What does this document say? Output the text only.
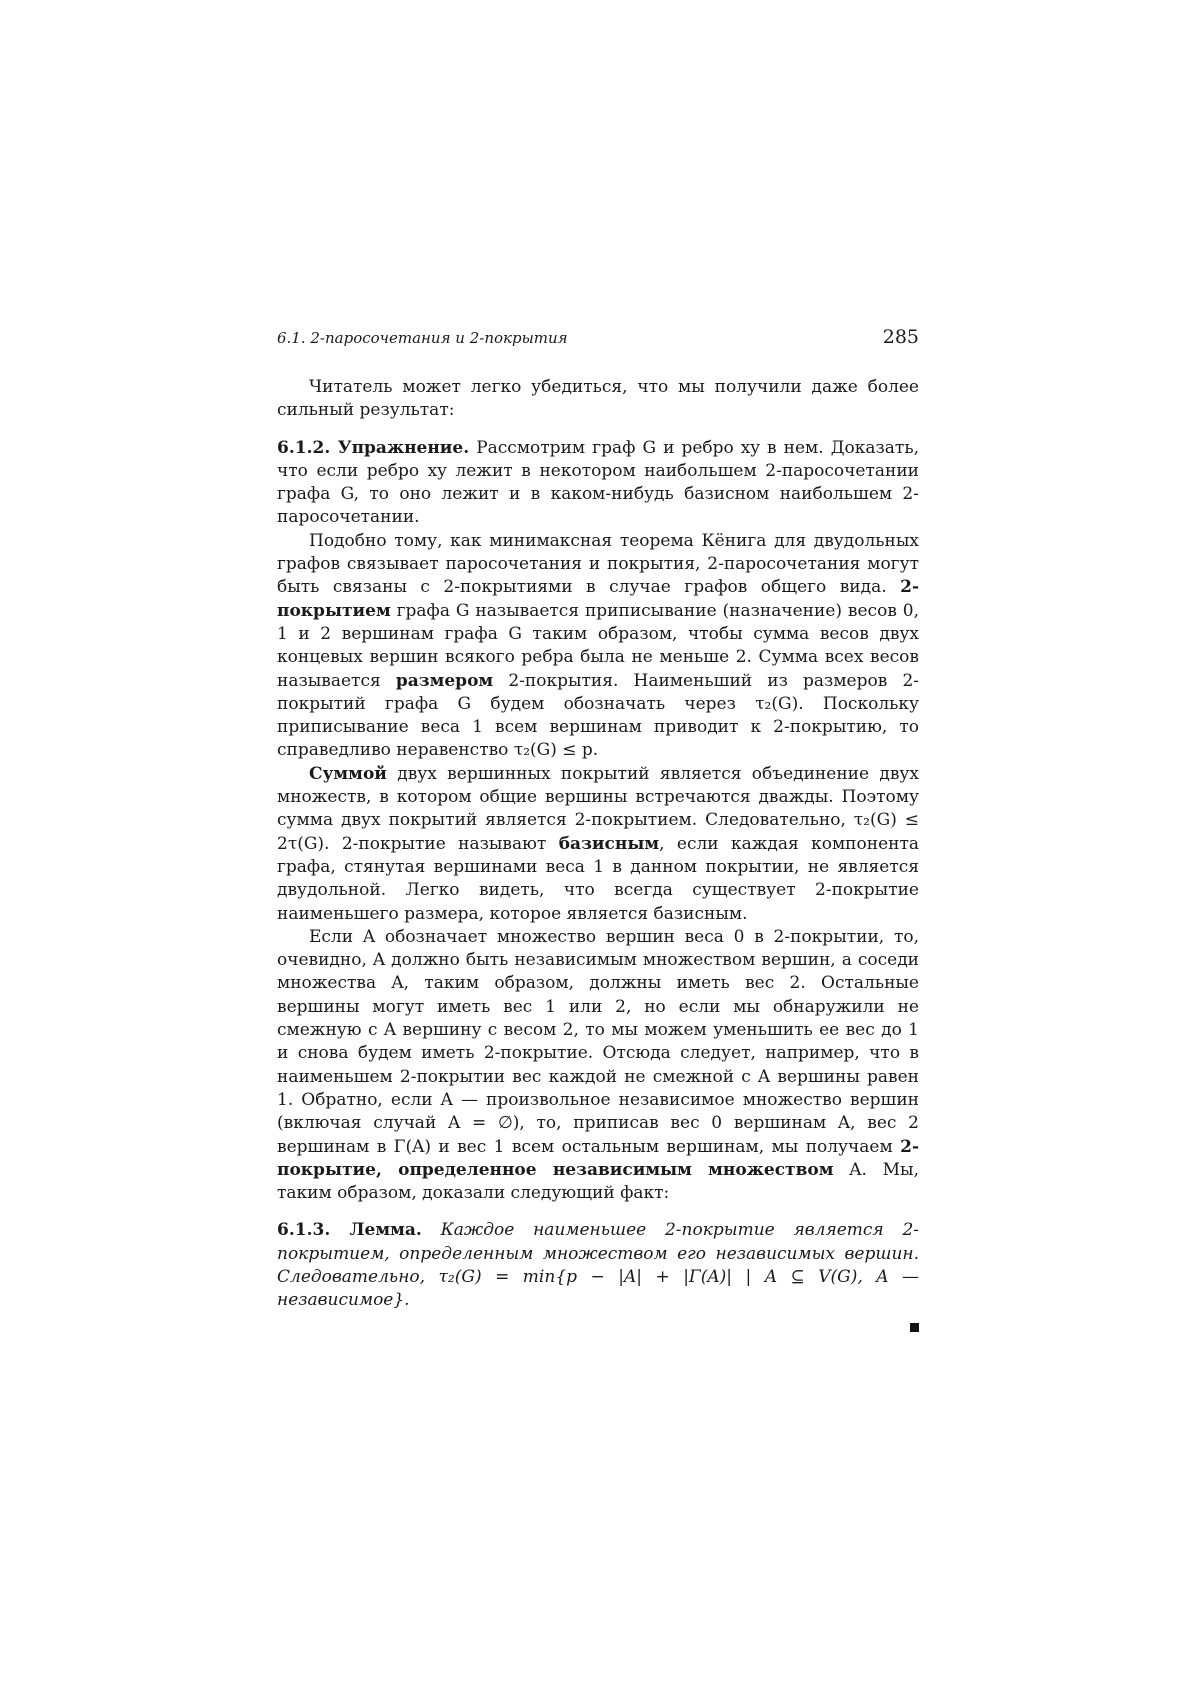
6.1. 2-паросочетания и 2-покрытия	285

Читатель может легко убедиться, что мы получили даже более сильный результат:

6.1.2. Упражнение. Рассмотрим граф G и ребро xy в нем. Доказать, что если ребро xy лежит в некотором наибольшем 2-паросочетании графа G, то оно лежит и в каком-нибудь базисном наибольшем 2-паросочетании.

Подобно тому, как минимаксная теорема Кёнига для двудольных графов связывает паросочетания и покрытия, 2-паросочетания могут быть связаны с 2-покрытиями в случае графов общего вида. 2-покрытием графа G называется приписывание (назначение) весов 0, 1 и 2 вершинам графа G таким образом, чтобы сумма весов двух концевых вершин всякого ребра была не меньше 2. Сумма всех весов называется размером 2-покрытия. Наименьший из размеров 2-покрытий графа G будем обозначать через τ₂(G). Поскольку приписывание веса 1 всем вершинам приводит к 2-покрытию, то справедливо неравенство τ₂(G) ≤ p.

Суммой двух вершинных покрытий является объединение двух множеств, в котором общие вершины встречаются дважды. Поэтому сумма двух покрытий является 2-покрытием. Следовательно, τ₂(G) ≤ 2τ(G). 2-покрытие называют базисным, если каждая компонента графа, стянутая вершинами веса 1 в данном покрытии, не является двудольной. Легко видеть, что всегда существует 2-покрытие наименьшего размера, которое является базисным.

Если A обозначает множество вершин веса 0 в 2-покрытии, то, очевидно, A должно быть независимым множеством вершин, а соседи множества A, таким образом, должны иметь вес 2. Остальные вершины могут иметь вес 1 или 2, но если мы обнаружили не смежную с A вершину с весом 2, то мы можем уменьшить ее вес до 1 и снова будем иметь 2-покрытие. Отсюда следует, например, что в наименьшем 2-покрытии вес каждой не смежной с A вершины равен 1. Обратно, если A — произвольное независимое множество вершин (включая случай A = ∅), то, приписав вес 0 вершинам A, вес 2 вершинам в Γ(A) и вес 1 всем остальным вершинам, мы получаем 2-покрытие, определенное независимым множеством A. Мы, таким образом, доказали следующий факт:

6.1.3. Лемма. Каждое наименьшее 2-покрытие является 2-покрытием, определенным множеством его независимых вершин. Следовательно, τ₂(G) = min{p − |A| + |Γ(A)| | A ⊆ V(G), A — независимое}.
